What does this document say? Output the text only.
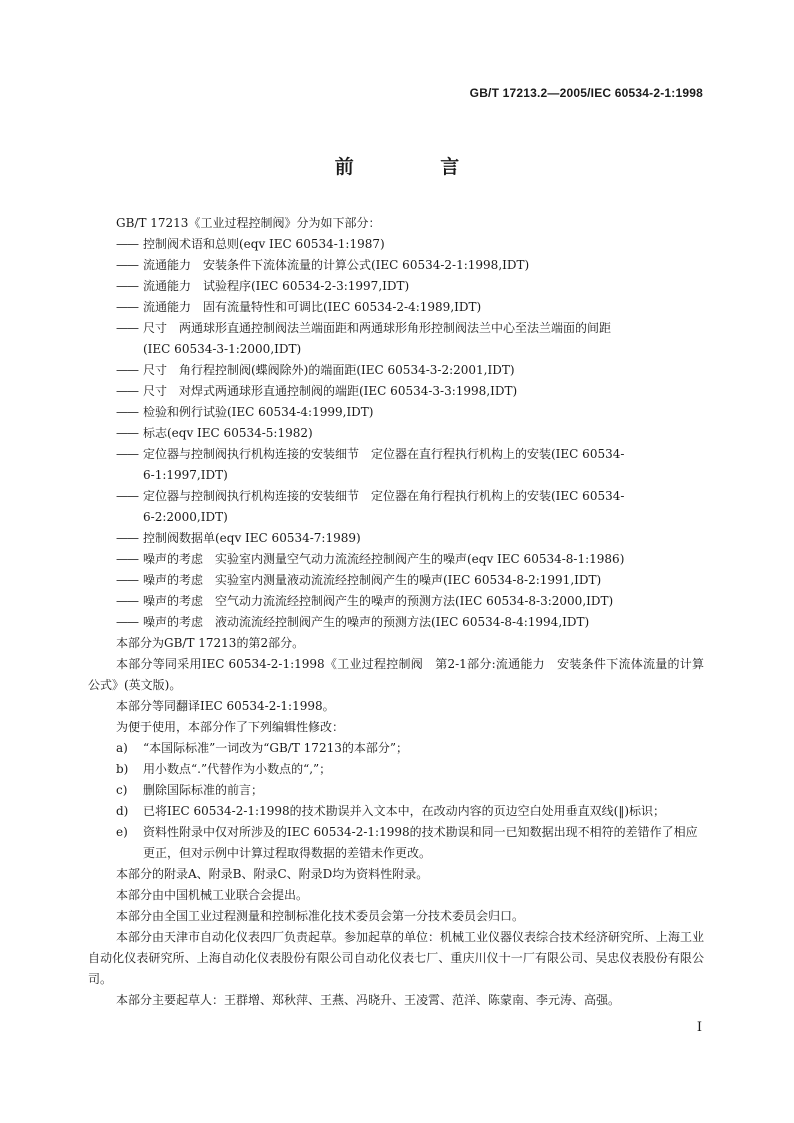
GB/T 17213.2—2005/IEC 60534-2-1:1998
前 言
GB/T 17213《工业过程控制阀》分为如下部分：
—— 控制阀术语和总则(eqv IEC 60534-1:1987)
—— 流通能力　安装条件下流体流量的计算公式(IEC 60534-2-1:1998,IDT)
—— 流通能力　试验程序(IEC 60534-2-3:1997,IDT)
—— 流通能力　固有流量特性和可调比(IEC 60534-2-4:1989,IDT)
—— 尺寸　两通球形直通控制阀法兰端面距和两通球形角形控制阀法兰中心至法兰端面的间距
(IEC 60534-3-1:2000,IDT)
—— 尺寸　角行程控制阀(蝶阀除外)的端面距(IEC 60534-3-2:2001,IDT)
—— 尺寸　对焊式两通球形直通控制阀的端距(IEC 60534-3-3:1998,IDT)
—— 检验和例行试验(IEC 60534-4:1999,IDT)
—— 标志(eqv IEC 60534-5:1982)
—— 定位器与控制阀执行机构连接的安装细节　定位器在直行程执行机构上的安装(IEC 60534-
6-1:1997,IDT)
—— 定位器与控制阀执行机构连接的安装细节　定位器在角行程执行机构上的安装(IEC 60534-
6-2:2000,IDT)
—— 控制阀数据单(eqv IEC 60534-7:1989)
—— 噪声的考虑　实验室内测量空气动力流流经控制阀产生的噪声(eqv IEC 60534-8-1:1986)
—— 噪声的考虑　实验室内测量液动流流经控制阀产生的噪声(IEC 60534-8-2:1991,IDT)
—— 噪声的考虑　空气动力流流经控制阀产生的噪声的预测方法(IEC 60534-8-3:2000,IDT)
—— 噪声的考虑　液动流流经控制阀产生的噪声的预测方法(IEC 60534-8-4:1994,IDT)
本部分为GB/T 17213的第2部分。
本部分等同采用IEC 60534-2-1:1998《工业过程控制阀　第2-1部分:流通能力　安装条件下流体流量的计算公式》(英文版)。
本部分等同翻译IEC 60534-2-1:1998。
为便于使用，本部分作了下列编辑性修改：
a) “本国际标准”一词改为“GB/T 17213的本部分”；
b) 用小数点“.”代替作为小数点的“,”；
c) 删除国际标准的前言；
d) 已将IEC 60534-2-1:1998的技术勘误并入文本中，在改动内容的页边空白处用垂直双线(‖)标识；
e) 资料性附录中仅对所涉及的IEC 60534-2-1:1998的技术勘误和同一已知数据出现不相符的差错作了相应更正，但对示例中计算过程取得数据的差错未作更改。
本部分的附录A、附录B、附录C、附录D均为资料性附录。
本部分由中国机械工业联合会提出。
本部分由全国工业过程测量和控制标准化技术委员会第一分技术委员会归口。
本部分由天津市自动化仪表四厂负责起草。参加起草的单位：机械工业仪器仪表综合技术经济研究所、上海工业自动化仪表研究所、上海自动化仪表股份有限公司自动化仪表七厂、重庆川仪十一厂有限公司、吴忠仪表股份有限公司。
本部分主要起草人：王群增、郑秋萍、王燕、冯晓升、王凌霄、范洋、陈蒙南、李元涛、高强。
I
